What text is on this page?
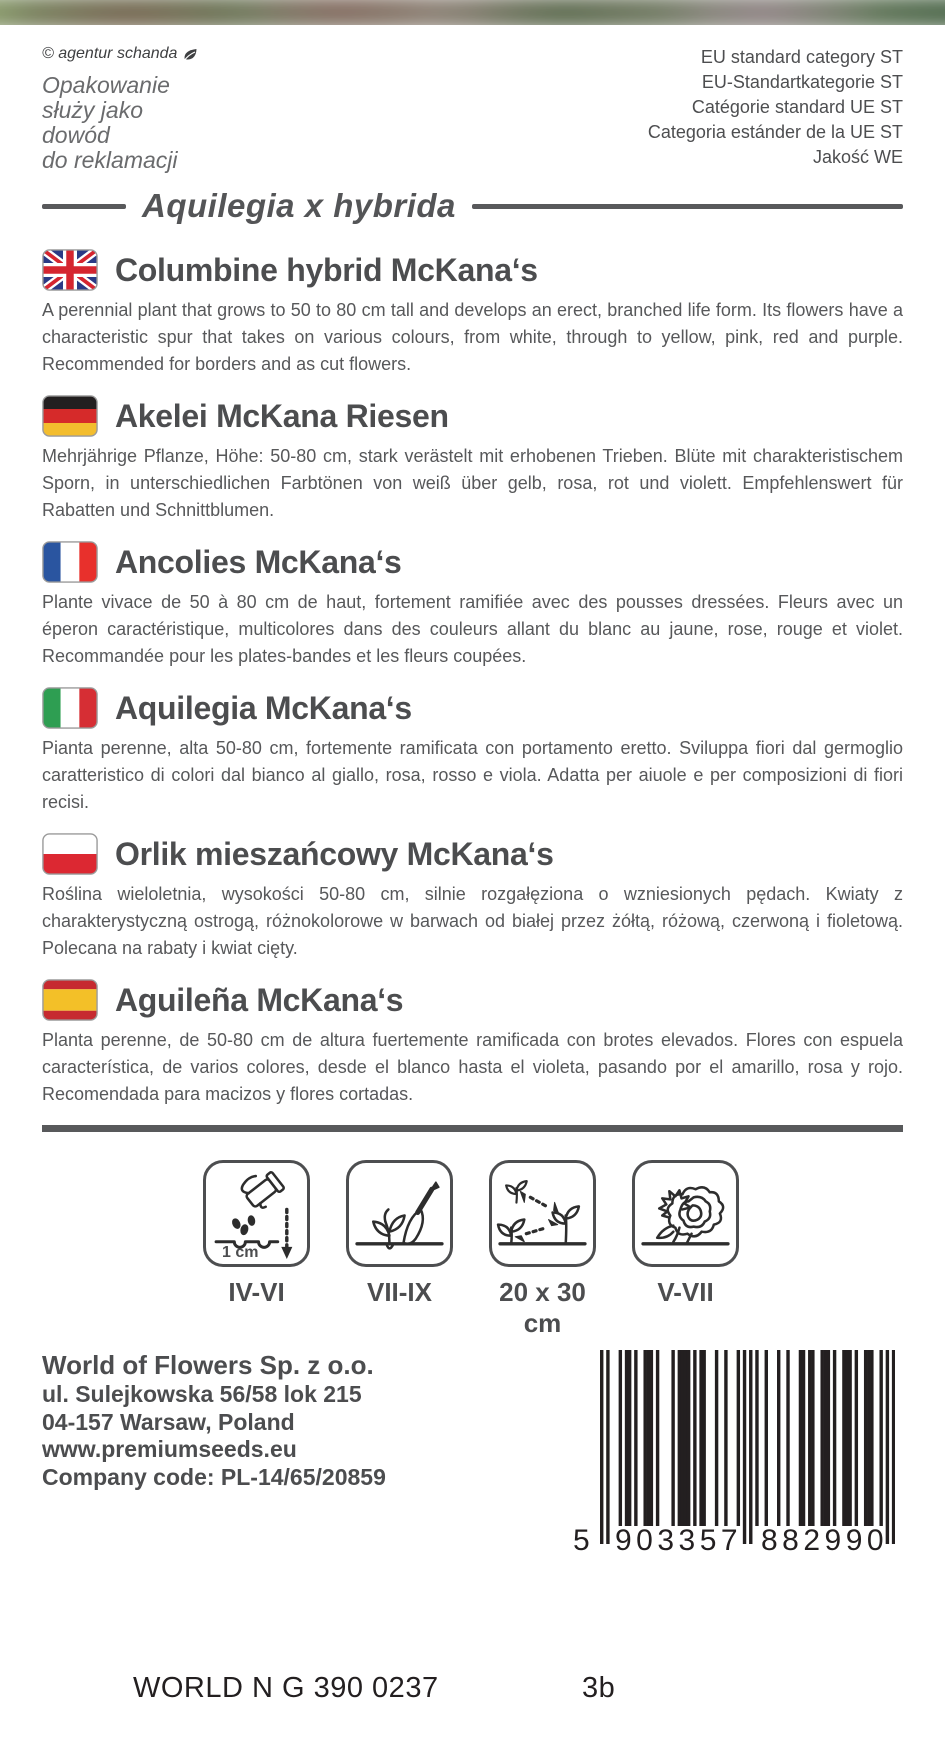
© agentur schanda
Opakowanie
służy jako
dowód
do reklamacji
EU standard category ST
EU-Standartkategorie ST
Catégorie standard UE ST
Categoria estánder de la UE ST
Jakość WE
Aquilegia x hybrida
Columbine hybrid McKana‘s

A perennial plant that grows to 50 to 80 cm tall and develops an erect, branched life form. Its flowers have a characteristic spur that takes on various colours, from white, through to yellow, pink, red and purple. Recommended for borders and as cut flowers.

Akelei McKana Riesen

Mehrjährige Pflanze, Höhe: 50-80 cm, stark verästelt mit erhobenen Trieben. Blüte mit charakteristischem Sporn, in unterschiedlichen Farbtönen von weiß über gelb, rosa, rot und violett. Empfehlenswert für Rabatten und Schnittblumen.

Ancolies McKana‘s

Plante vivace de 50 à 80 cm de haut, fortement ramifiée avec des pousses dressées. Fleurs avec un éperon caractéristique, multicolores dans des couleurs allant du blanc au jaune, rose, rouge et violet. Recommandée pour les plates-bandes et les fleurs coupées.

Aquilegia McKana‘s

Pianta perenne, alta 50-80 cm, fortemente ramificata con portamento eretto. Sviluppa fiori dal germoglio caratteristico di colori dal bianco al giallo, rosa, rosso e viola. Adatta per aiuole e per composizioni di fiori recisi.

Orlik mieszańcowy McKana‘s

Roślina wieloletnia, wysokości 50-80 cm, silnie rozgałęziona o wzniesionych pędach. Kwiaty z charakterystyczną ostrogą, różnokolorowe w barwach od białej przez żółtą, różową, czerwoną i fioletową. Polecana na rabaty i kwiat cięty.

Aguileña McKana‘s

Planta perenne, de 50-80 cm de altura fuertemente ramificada con brotes elevados. Flores con espuela característica, de varios colores, desde el blanco hasta el violeta, pasando por el amarillo, rosa y rojo. Recomendada para macizos y flores cortadas.

1 cm
IV-VI	VII-IX	20 x 30 cm
V-VII
World of Flowers Sp. z o.o.
ul. Sulejkowska 56/58 lok 215
04-157 Warsaw, Poland
www.premiumseeds.eu
Company code: PL-14/65/20859
5 903357 882990
WORLD N G 390 0237	3b
